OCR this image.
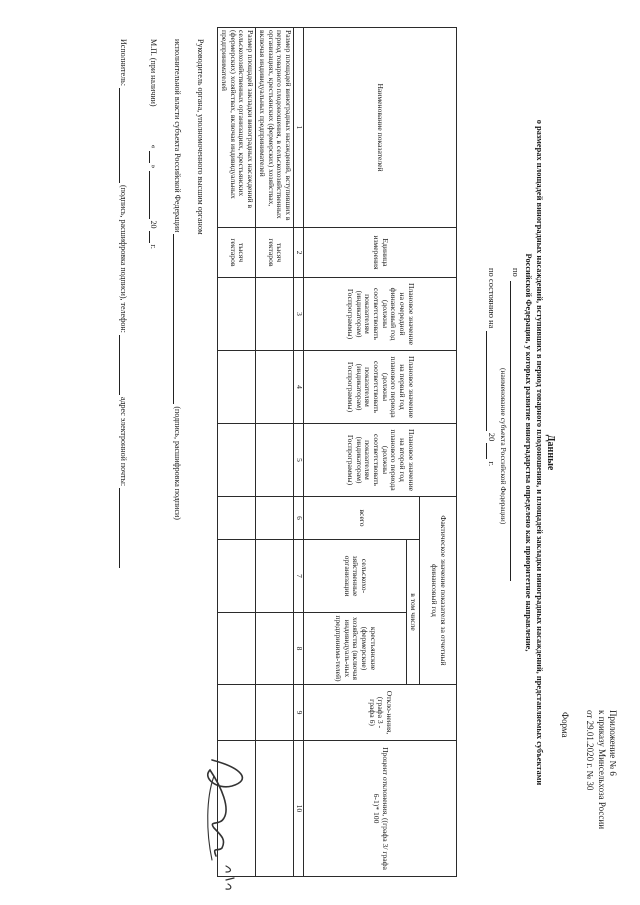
Приложение № 6
к приказу Минсельхоза России
от 29.01.2020 г. № 30
Форма
Данные
о размерах площадей виноградных насаждений, вступивших в период товарного плодоношения, и площадей закладки виноградных насаждений, представляемых субъектами
Российской Федерации, у которых развитие виноградарства определено как приоритетное направление,
по
(наименование субъекта Российской Федерации)
по состоянию на  20  г.
Наименование показателей	Единица измерения	Плановое значение на очередной финансовый год (должны соответствовать показателям (индикаторам) Госпрограммы)	Плановое значение на первый год планового периода (должны соответствовать показателям (индикаторам) Госпрограммы)	Плановое значение на второй год планового периода (должны соответствовать показателям (индикаторам) Госпрограммы)	Фактическое значение показателя за отчетный финансовый год			Откло-нения, (графа 3 - графа 6)	Процент отклонения, ((графа 3/ графа 6-1)* 100
					всего	в том числе			
						сельскохо-зяйственные организации	крестьянские (фермерские) хозяйства (включая индивидуаль-ных предпринима-телей)		
1	2	3	4	5	6	7	8	9	10
Размер площадей виноградных насаждений, вступивших в период товарного плодоношения, в сельскохозяйственных организациях, крестьянских (фермерских) хозяйствах, включая индивидуальных предпринимателей	тысяч гектаров								
Размер площадей закладки виноградных насаждений в сельскохозяйственных организациях, крестьянских (фермерских) хозяйствах, включая индивидуальных предпринимателей	тысяч гектаров								
Руководитель органа, уполномоченного высшим органом
исполнительной власти субъекта Российской Федерации  (подпись, расшифровка подписи)
М.П. (при наличии)  «  »  20  г.
Исполнитель:  (подпись, расшифровка подписи), телефон:  адрес электронной почты:
